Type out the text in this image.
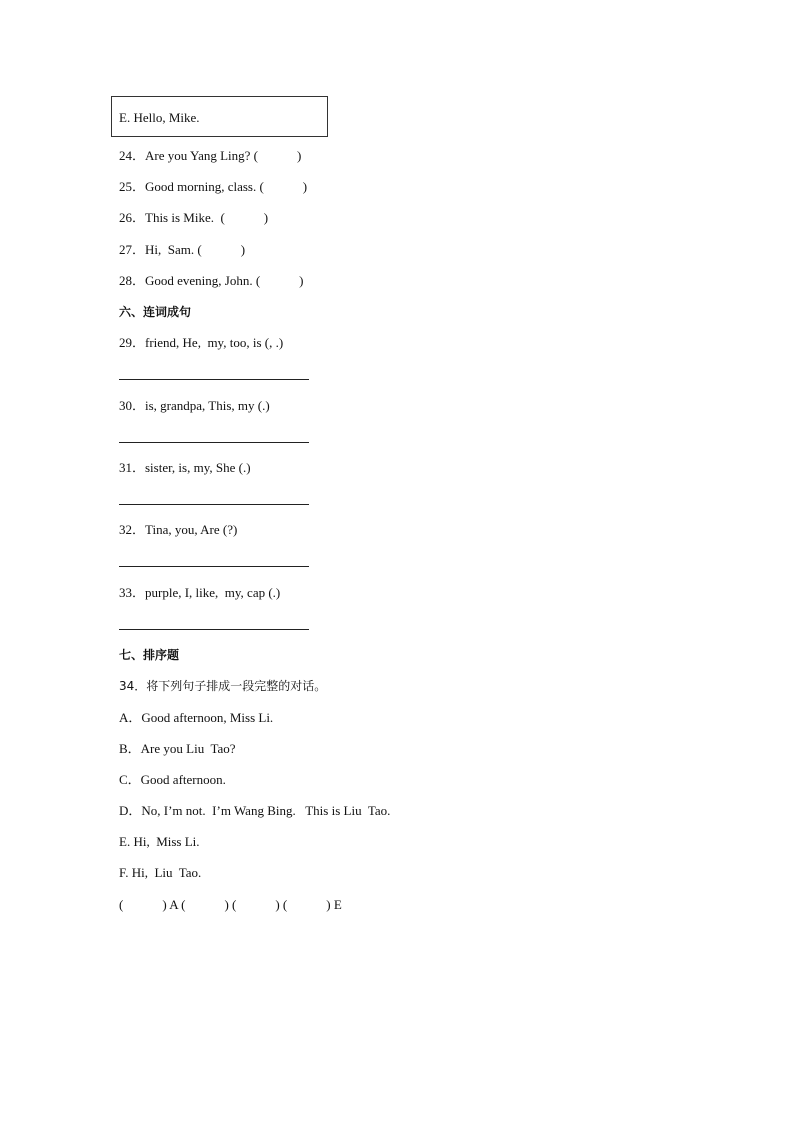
E. Hello, Mike.
24．Are you Yang Ling? (            )
25．Good morning, class. (            )
26．This is Mike.  (            )
27．Hi,  Sam. (            )
28．Good evening, John. (            )
六、连词成句
29．friend, He,  my, too, is (, .)
30．is, grandpa, This, my (.)
31．sister, is, my, She (.)
32．Tina, you, Are (?)
33．purple, I, like,  my, cap (.)
七、排序题
34．将下列句子排成一段完整的对话。
A．Good afternoon, Miss Li.
B．Are you Liu  Tao?
C．Good afternoon.
D．No, I’m not.  I’m Wang Bing.   This is Liu  Tao.
E. Hi,  Miss Li.
F. Hi,  Liu  Tao.
(            ) A (            ) (            ) (            ) E
